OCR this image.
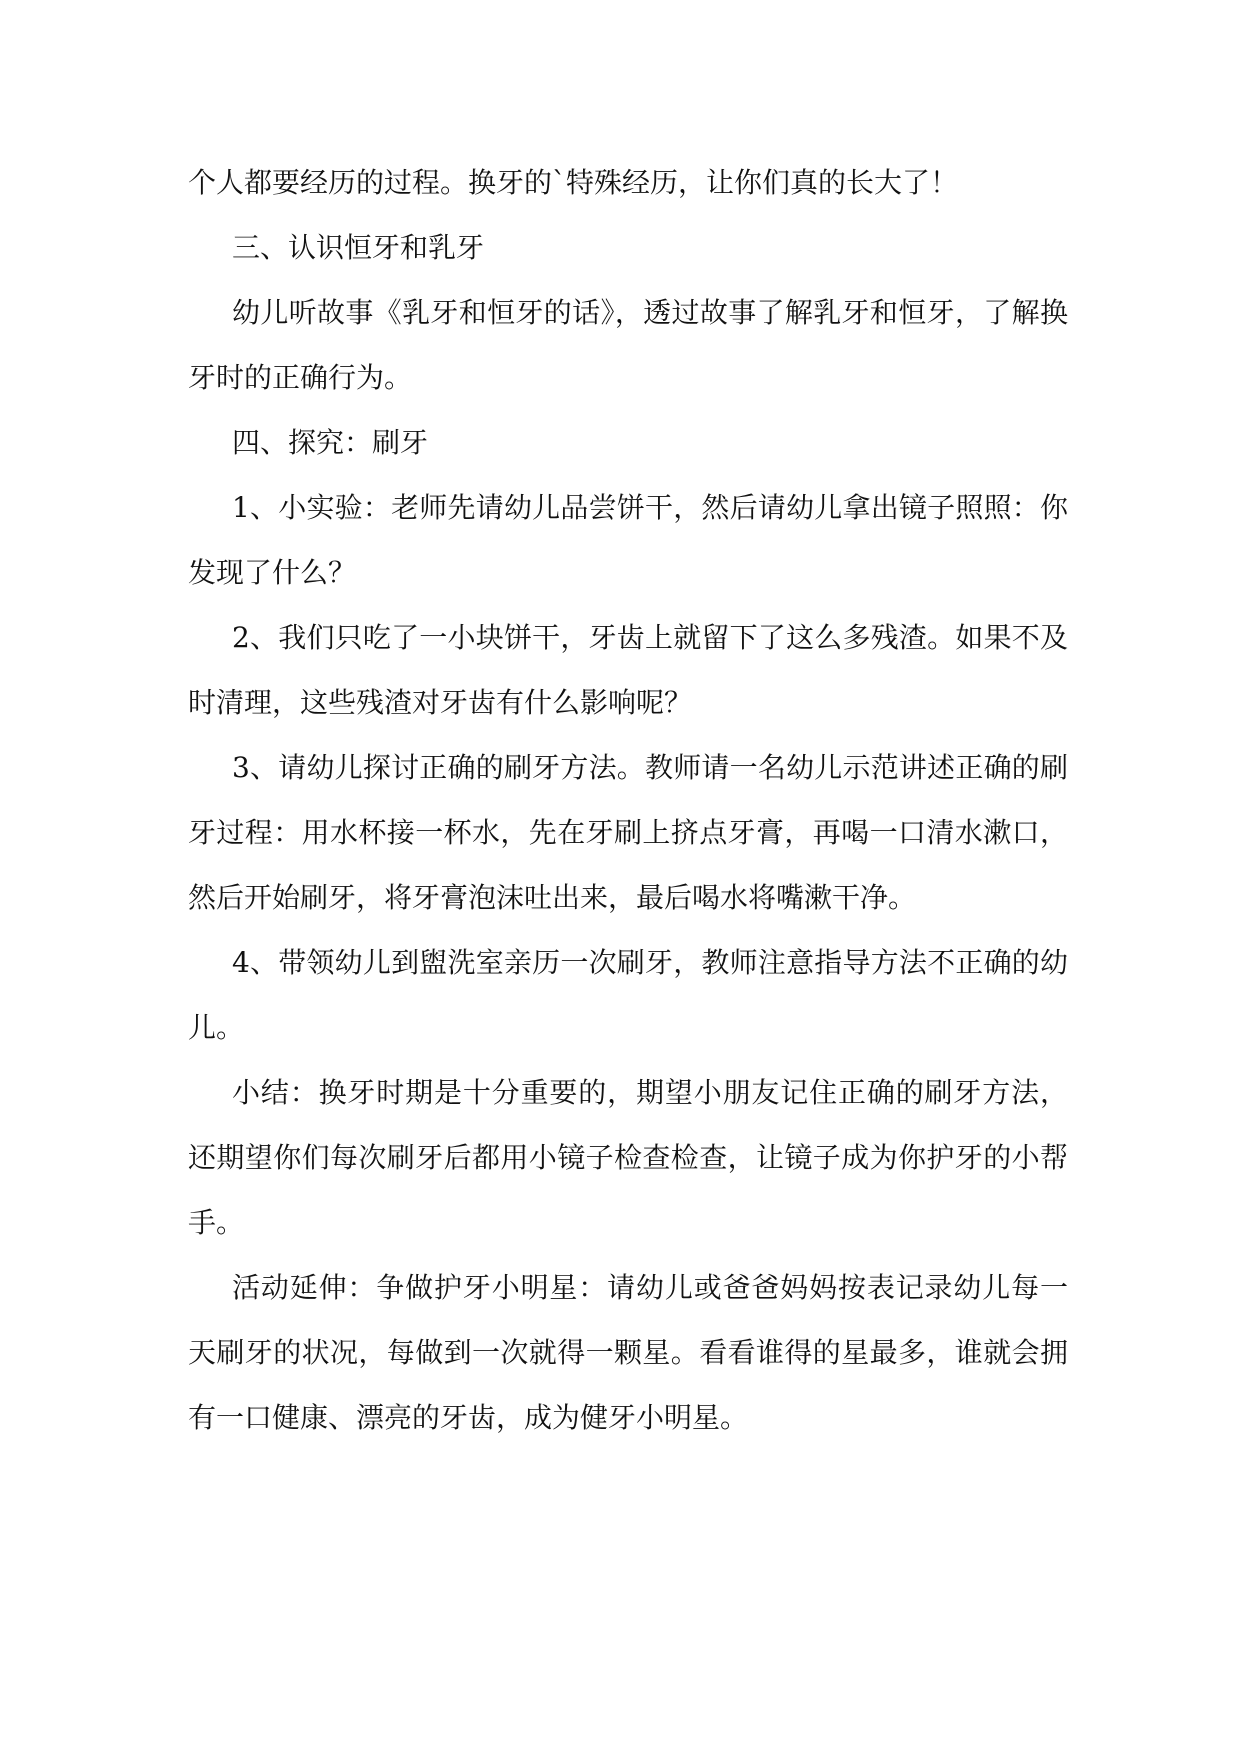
个人都要经历的过程。换牙的`特殊经历，让你们真的长大了！

三、认识恒牙和乳牙

幼儿听故事《乳牙和恒牙的话》，透过故事了解乳牙和恒牙，了解换牙时的正确行为。

四、探究：刷牙

1、小实验：老师先请幼儿品尝饼干，然后请幼儿拿出镜子照照：你发现了什么？

2、我们只吃了一小块饼干，牙齿上就留下了这么多残渣。如果不及时清理，这些残渣对牙齿有什么影响呢？

3、请幼儿探讨正确的刷牙方法。教师请一名幼儿示范讲述正确的刷牙过程：用水杯接一杯水，先在牙刷上挤点牙膏，再喝一口清水漱口，然后开始刷牙，将牙膏泡沫吐出来，最后喝水将嘴漱干净。

4、带领幼儿到盥洗室亲历一次刷牙，教师注意指导方法不正确的幼儿。

小结：换牙时期是十分重要的，期望小朋友记住正确的刷牙方法，还期望你们每次刷牙后都用小镜子检查检查，让镜子成为你护牙的小帮手。

活动延伸：争做护牙小明星：请幼儿或爸爸妈妈按表记录幼儿每一天刷牙的状况，每做到一次就得一颗星。看看谁得的星最多，谁就会拥有一口健康、漂亮的牙齿，成为健牙小明星。
